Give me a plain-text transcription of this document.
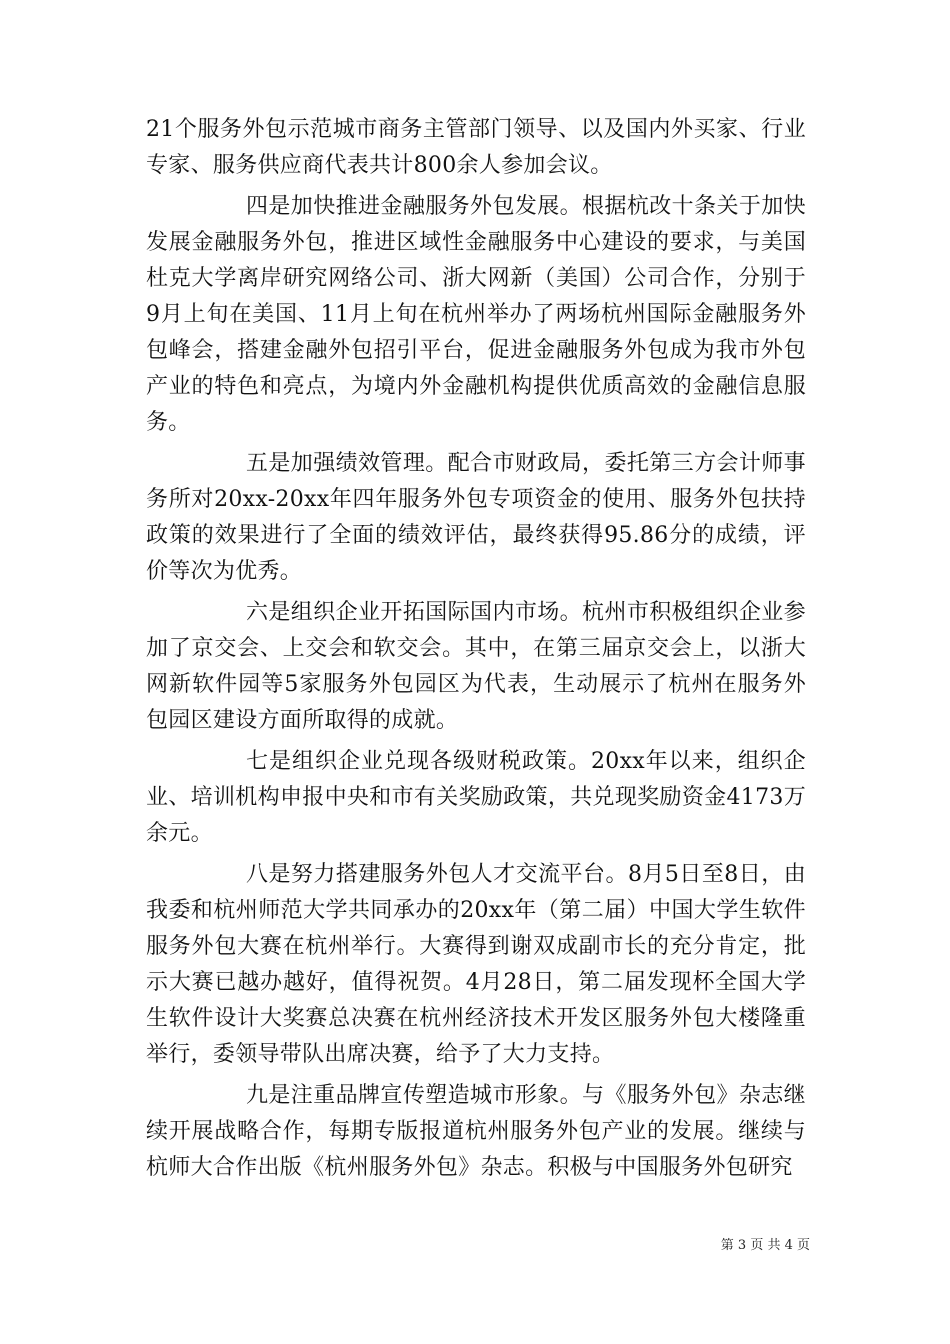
21个服务外包示范城市商务主管部门领导、以及国内外买家、行业专家、服务供应商代表共计800余人参加会议。

四是加快推进金融服务外包发展。根据杭改十条关于加快发展金融服务外包，推进区域性金融服务中心建设的要求，与美国杜克大学离岸研究网络公司、浙大网新（美国）公司合作，分别于9月上旬在美国、11月上旬在杭州举办了两场杭州国际金融服务外包峰会，搭建金融外包招引平台，促进金融服务外包成为我市外包产业的特色和亮点，为境内外金融机构提供优质高效的金融信息服务。

五是加强绩效管理。配合市财政局，委托第三方会计师事务所对20xx-20xx年四年服务外包专项资金的使用、服务外包扶持政策的效果进行了全面的绩效评估，最终获得95.86分的成绩，评价等次为优秀。

六是组织企业开拓国际国内市场。杭州市积极组织企业参加了京交会、上交会和软交会。其中，在第三届京交会上，以浙大网新软件园等5家服务外包园区为代表，生动展示了杭州在服务外包园区建设方面所取得的成就。

七是组织企业兑现各级财税政策。20xx年以来，组织企业、培训机构申报中央和市有关奖励政策，共兑现奖励资金4173万余元。

八是努力搭建服务外包人才交流平台。8月5日至8日，由我委和杭州师范大学共同承办的20xx年（第二届）中国大学生软件服务外包大赛在杭州举行。大赛得到谢双成副市长的充分肯定，批示大赛已越办越好，值得祝贺。4月28日，第二届发现杯全国大学生软件设计大奖赛总决赛在杭州经济技术开发区服务外包大楼隆重举行，委领导带队出席决赛，给予了大力支持。

九是注重品牌宣传塑造城市形象。与《服务外包》杂志继续开展战略合作，每期专版报道杭州服务外包产业的发展。继续与杭师大合作出版《杭州服务外包》杂志。积极与中国服务外包研究

第 3 页 共 4 页
